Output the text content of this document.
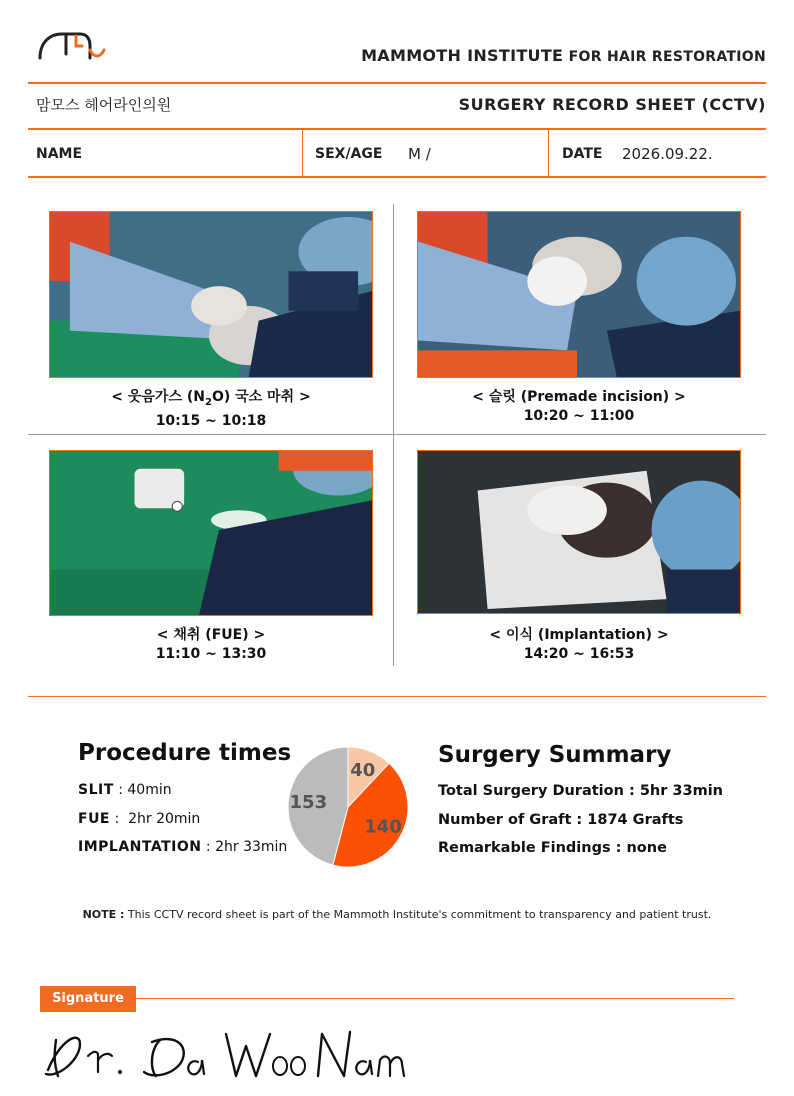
MAMMOTH INSTITUTE FOR HAIR RESTORATION
맘모스 헤어라인의원	SURGERY RECORD SHEET (CCTV)
NAME	SEX/AGE M /	DATE 2026.09.22.
< 웃음가스 $(N_2O)$ 국소 마취 >
10:15 ~ 10:18
< 슬릿 (Premade incision) >
10:20 ~ 11:00
< 채취 (FUE) >
11:10 ~ 13:30
< 이식 (Implantation) >
14:20 ~ 16:53
Procedure times
SLIT : 40min
FUE :  2hr 20min
IMPLANTATION : 2hr 33min
40
140
153
Surgery Summary
Total Surgery Duration : 5hr 33min
Number of Graft : 1874 Grafts
Remarkable Findings : none
NOTE : This CCTV record sheet is part of the Mammoth Institute's commitment to transparency and patient trust.
Signature
